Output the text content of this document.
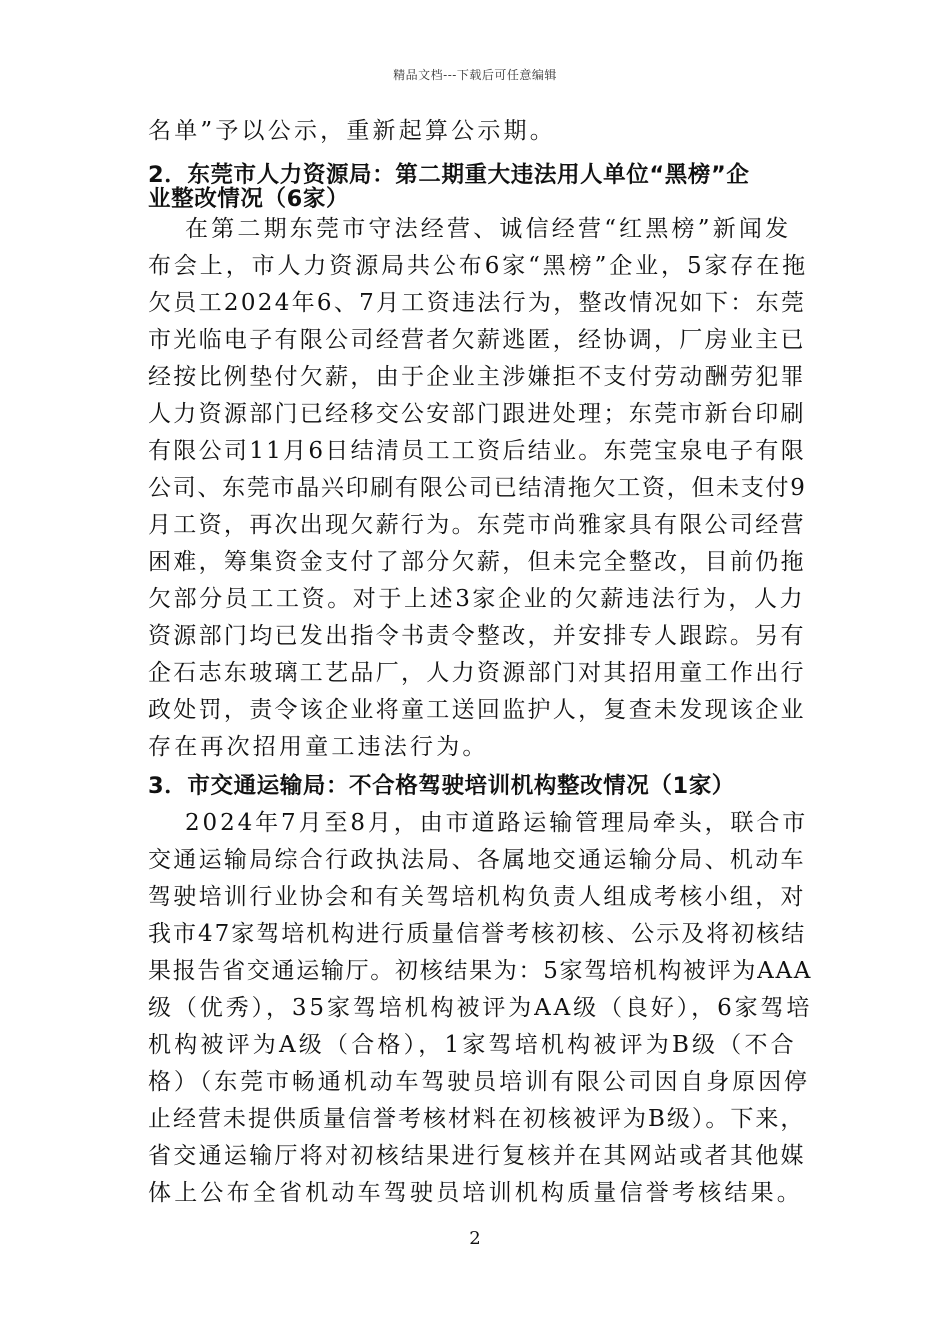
精品文档---下载后可任意编辑
名单”予以公示，重新起算公示期。
2．东莞市人力资源局：第二期重大违法用人单位“黑榜”企
业整改情况（6家）
在第二期东莞市守法经营、诚信经营“红黑榜”新闻发
布会上，市人力资源局共公布6家“黑榜”企业，5家存在拖
欠员工2024年6、7月工资违法行为，整改情况如下：东莞
市光临电子有限公司经营者欠薪逃匿，经协调，厂房业主已
经按比例垫付欠薪，由于企业主涉嫌拒不支付劳动酬劳犯罪
人力资源部门已经移交公安部门跟进处理；东莞市新台印刷
有限公司11月6日结清员工工资后结业。东莞宝泉电子有限
公司、东莞市晶兴印刷有限公司已结清拖欠工资，但未支付9
月工资，再次出现欠薪行为。东莞市尚雅家具有限公司经营
困难，筹集资金支付了部分欠薪，但未完全整改，目前仍拖
欠部分员工工资。对于上述3家企业的欠薪违法行为，人力
资源部门均已发出指令书责令整改，并安排专人跟踪。另有
企石志东玻璃工艺品厂，人力资源部门对其招用童工作出行
政处罚，责令该企业将童工送回监护人，复查未发现该企业
存在再次招用童工违法行为。
3．市交通运输局：不合格驾驶培训机构整改情况（1家）
2024年7月至8月，由市道路运输管理局牵头，联合市
交通运输局综合行政执法局、各属地交通运输分局、机动车
驾驶培训行业协会和有关驾培机构负责人组成考核小组，对
我市47家驾培机构进行质量信誉考核初核、公示及将初核结
果报告省交通运输厅。初核结果为：5家驾培机构被评为AAA
级（优秀），35家驾培机构被评为AA级（良好），6家驾培
机构被评为A级（合格），1家驾培机构被评为B级（不合
格）（东莞市畅通机动车驾驶员培训有限公司因自身原因停
止经营未提供质量信誉考核材料在初核被评为B级）。下来，
省交通运输厅将对初核结果进行复核并在其网站或者其他媒
体上公布全省机动车驾驶员培训机构质量信誉考核结果。
2
